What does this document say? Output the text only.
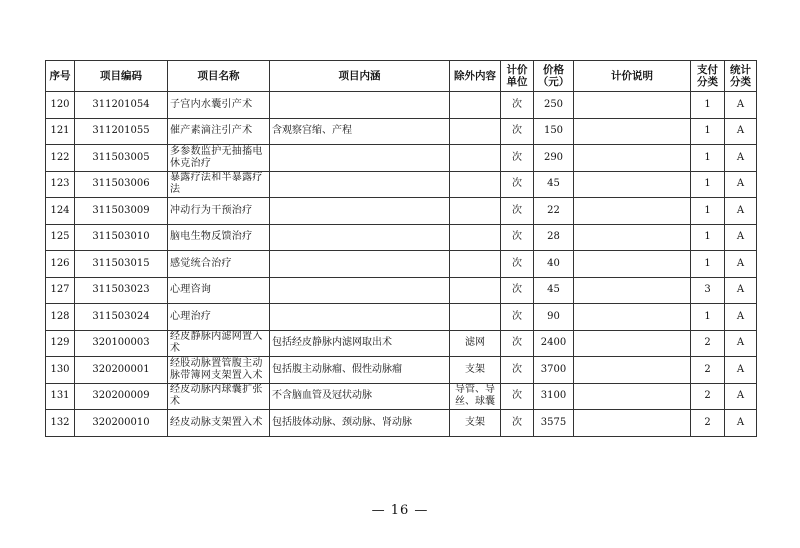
序号	项目编码	项目名称	项目内涵	除外内容	计价单位	价格（元）	计价说明	支付分类	统计分类
120	311201054	子宫内水囊引产术			次	250		1	A
121	311201055	催产素滴注引产术	含观察宫缩、产程		次	150		1	A
122	311503005	多参数监护无抽搐电休克治疗			次	290		1	A
123	311503006	暴露疗法和半暴露疗法			次	45		1	A
124	311503009	冲动行为干预治疗			次	22		1	A
125	311503010	脑电生物反馈治疗			次	28		1	A
126	311503015	感觉统合治疗			次	40		1	A
127	311503023	心理咨询			次	45		3	A
128	311503024	心理治疗			次	90		1	A
129	320100003	经皮静脉内滤网置入术	包括经皮静脉内滤网取出术	滤网	次	2400		2	A
130	320200001	经股动脉置管腹主动脉带簿网支架置入术	包括腹主动脉瘤、假性动脉瘤	支架	次	3700		2	A
131	320200009	经皮动脉内球囊扩张术	不含脑血管及冠状动脉	导管、导丝、球囊	次	3100		2	A
132	320200010	经皮动脉支架置入术	包括肢体动脉、颈动脉、肾动脉	支架	次	3575		2	A
— 16 —
